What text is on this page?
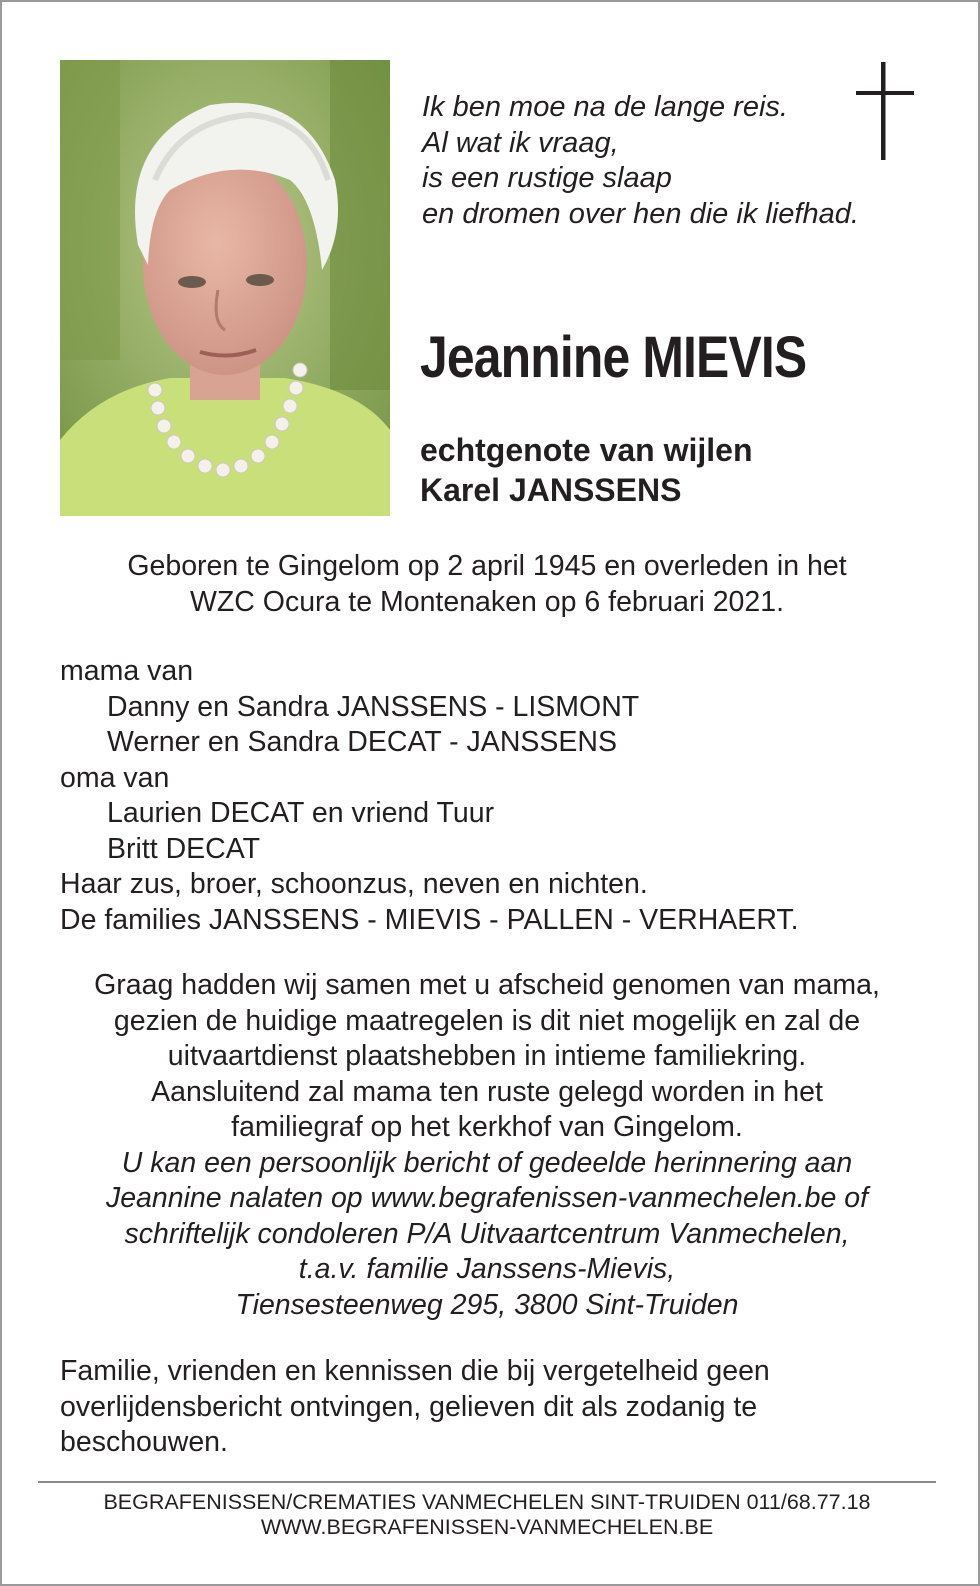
Ik ben moe na de lange reis.
Al wat ik vraag,
is een rustige slaap
en dromen over hen die ik liefhad.
Jeannine MIEVIS
echtgenote van wijlen
Karel JANSSENS
Geboren te Gingelom op 2 april 1945 en overleden in het
WZC Ocura te Montenaken op 6 februari 2021.
mama van
Danny en Sandra JANSSENS - LISMONT
Werner en Sandra DECAT - JANSSENS
oma van
Laurien DECAT en vriend Tuur
Britt DECAT
Haar zus, broer, schoonzus, neven en nichten.
De families JANSSENS - MIEVIS - PALLEN - VERHAERT.
Graag hadden wij samen met u afscheid genomen van mama,
gezien de huidige maatregelen is dit niet mogelijk en zal de
uitvaartdienst plaatshebben in intieme familiekring.
Aansluitend zal mama ten ruste gelegd worden in het
familiegraf op het kerkhof van Gingelom.
U kan een persoonlijk bericht of gedeelde herinnering aan
Jeannine nalaten op www.begrafenissen-vanmechelen.be of
schriftelijk condoleren P/A Uitvaartcentrum Vanmechelen,
t.a.v. familie Janssens-Mievis,
Tiensesteenweg 295, 3800 Sint-Truiden
Familie, vrienden en kennissen die bij vergetelheid geen
overlijdensbericht ontvingen, gelieven dit als zodanig te
beschouwen.
BEGRAFENISSEN/CREMATIES VANMECHELEN SINT-TRUIDEN 011/68.77.18
WWW.BEGRAFENISSEN-VANMECHELEN.BE
